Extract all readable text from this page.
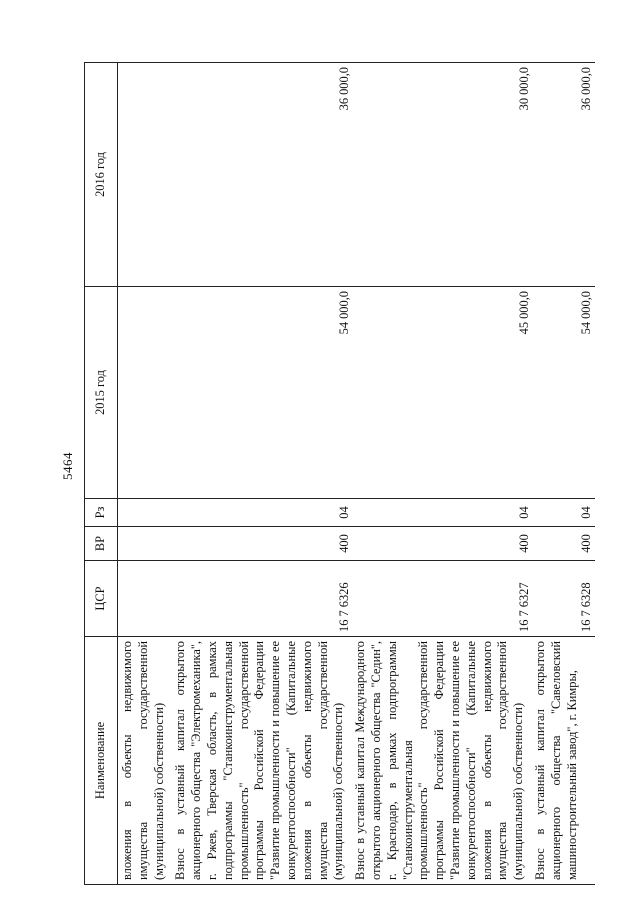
5464
Наименование	ЦСР	ВР	Рз	2015 год	2016 год
вложения в объекты недвижимого имущества государственной (муниципальной) собственности)					
Взнос в уставный капитал открытого акционерного общества "Электромеханика", г. Ржев, Тверская область, в рамках подпрограммы "Станкоинструментальная промышленность" государственной программы Российской Федерации "Развитие промышленности и повышение ее конкурентоспособности" (Капитальные вложения в объекты недвижимого имущества государственной (муниципальной) собственности)	16 7 6326	400	04	54 000,0	36 000,0
Взнос в уставный капитал Международного открытого акционерного общества "Седин", г. Краснодар, в рамках подпрограммы "Станкоинструментальная промышленность" государственной программы Российской Федерации "Развитие промышленности и повышение ее конкурентоспособности" (Капитальные вложения в объекты недвижимого имущества государственной (муниципальной) собственности)	16 7 6327	400	04	45 000,0	30 000,0
Взнос в уставный капитал открытого акционерного общества "Савеловский машиностроительный завод", г. Кимры,	16 7 6328	400	04	54 000,0	36 000,0
